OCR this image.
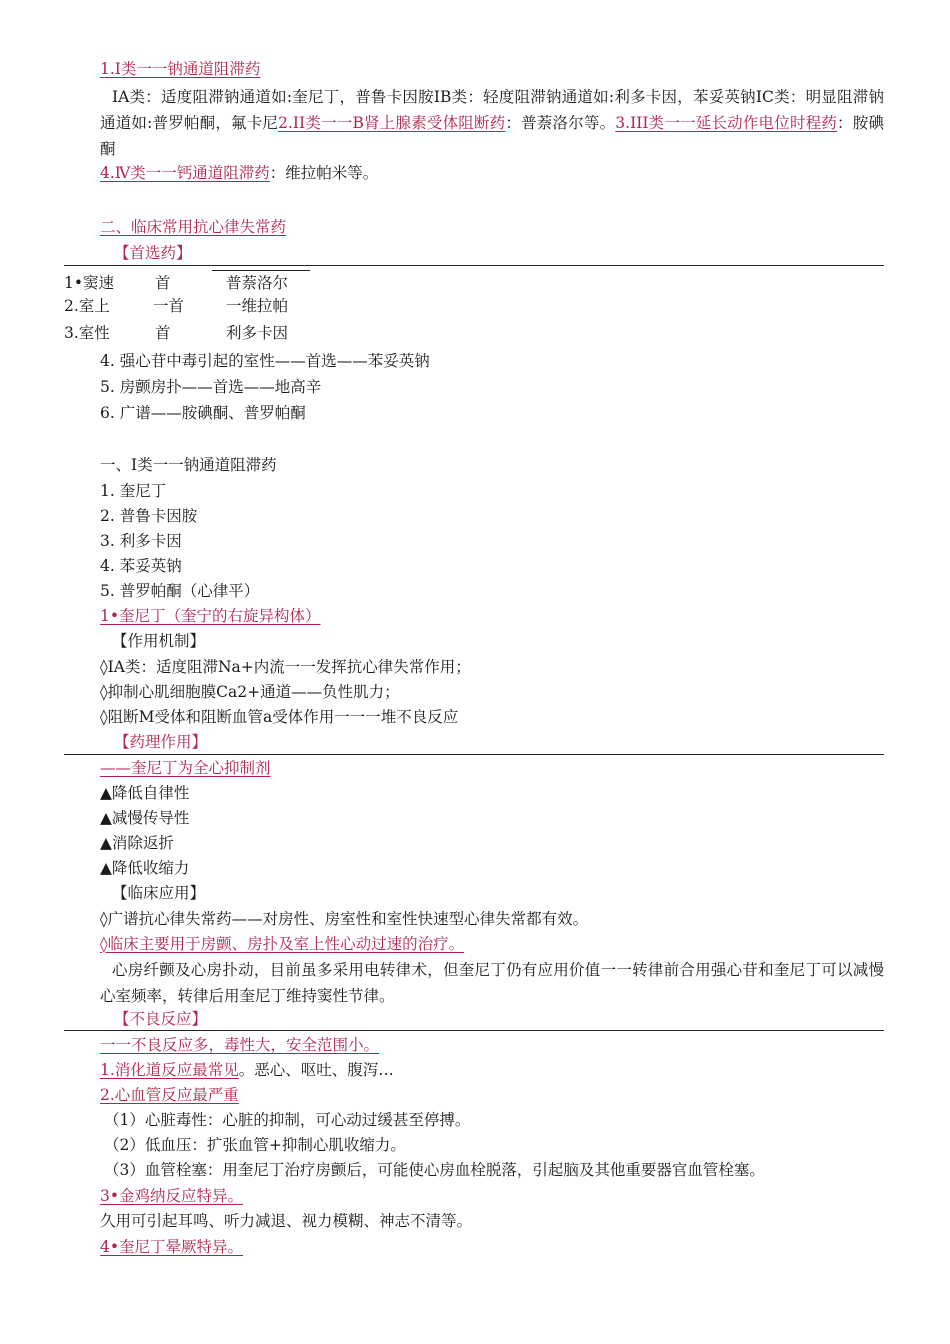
1.Ⅰ类一一钠通道阻滞药
IA类：适度阻滞钠通道如:奎尼丁，普鲁卡因胺IB类：轻度阻滞钠通道如:利多卡因，苯妥英钠IC类：明显阻滞钠通道如:普罗帕酮，氟卡尼2.II类一一B肾上腺素受体阻断药：普萘洛尔等。3.III类一一延长动作电位时程药：胺碘酮
4.Ⅳ类一一钙通道阻滞药：维拉帕米等。
二、临床常用抗心律失常药
【首选药】
1•窦速	首	普萘洛尔
2.室上	一首	一维拉帕
3.室性	首	利多卡因
4. 强心苷中毒引起的室性——首选——苯妥英钠
5. 房颤房扑——首选——地高辛
6. 广谱——胺碘酮、普罗帕酮
一、Ⅰ类一一钠通道阻滞药
1. 奎尼丁
2. 普鲁卡因胺
3. 利多卡因
4. 苯妥英钠
5. 普罗帕酮（心律平）
1•奎尼丁（奎宁的右旋异构体）
【作用机制】
◊IA类：适度阻滞Na+内流一一发挥抗心律失常作用；
◊抑制心肌细胞膜Ca2+通道——负性肌力；
◊阻断M受体和阻断血管a受体作用一一一堆不良反应
【药理作用】
——奎尼丁为全心抑制剂
▲降低自律性
▲减慢传导性
▲消除返折
▲降低收缩力
【临床应用】
◊广谱抗心律失常药——对房性、房室性和室性快速型心律失常都有效。
◊临床主要用于房颤、房扑及室上性心动过速的治疗。
心房纤颤及心房扑动，目前虽多采用电转律术，但奎尼丁仍有应用价值一一转律前合用强心苷和奎尼丁可以减慢心室频率，转律后用奎尼丁维持窦性节律。
【不良反应】
一一不良反应多，毒性大，安全范围小。
1.消化道反应最常见。恶心、呕吐、腹泻…
2.心血管反应最严重
（1）心脏毒性：心脏的抑制，可心动过缓甚至停搏。
（2）低血压：扩张血管+抑制心肌收缩力。
（3）血管栓塞：用奎尼丁治疗房颤后，可能使心房血栓脱落，引起脑及其他重要器官血管栓塞。
3•金鸡纳反应特异。
久用可引起耳鸣、听力减退、视力模糊、神志不清等。
4•奎尼丁晕厥特异。
